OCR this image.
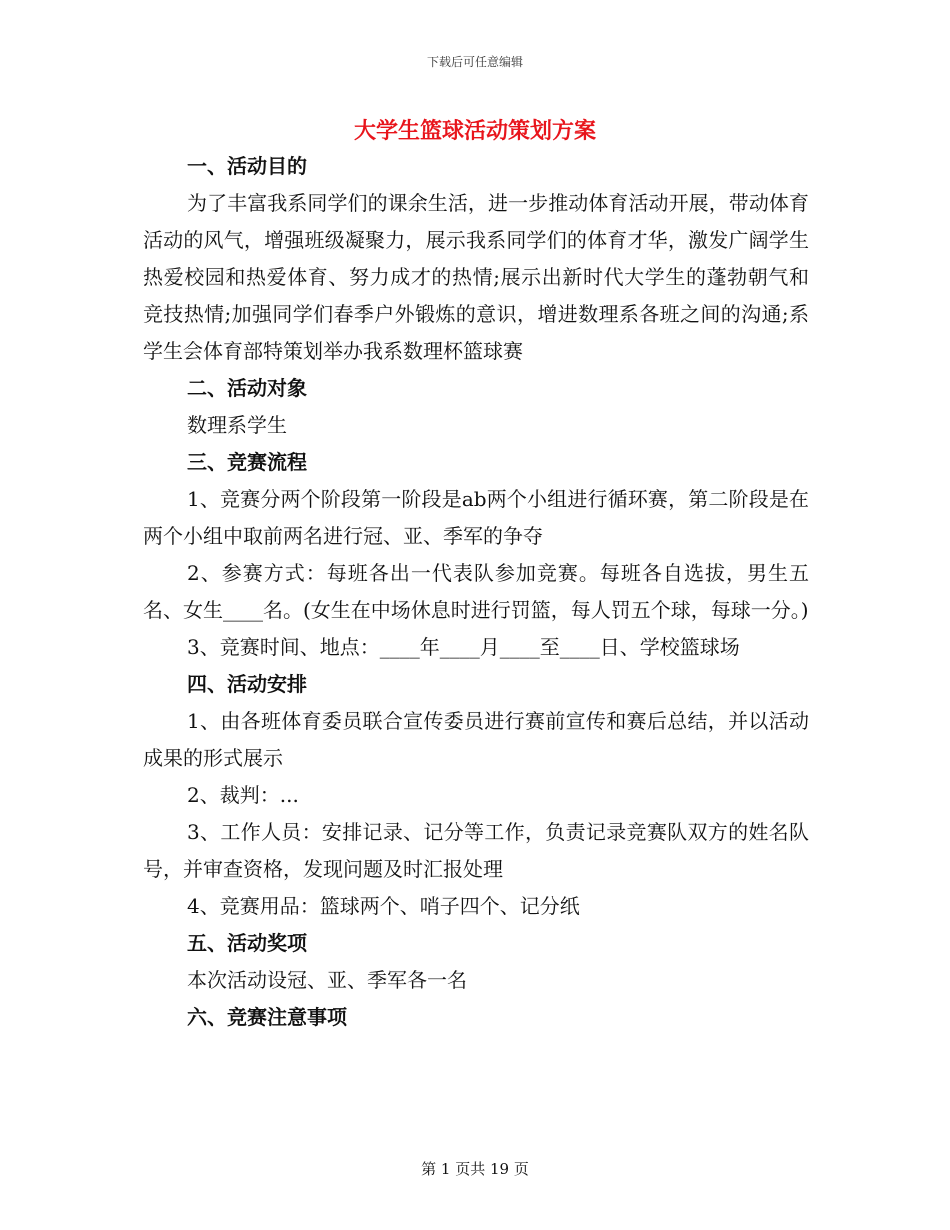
下载后可任意编辑
大学生篮球活动策划方案

一、活动目的

为了丰富我系同学们的课余生活，进一步推动体育活动开展，带动体育活动的风气，增强班级凝聚力，展示我系同学们的体育才华，激发广阔学生热爱校园和热爱体育、努力成才的热情;展示出新时代大学生的蓬勃朝气和竞技热情;加强同学们春季户外锻炼的意识，增进数理系各班之间的沟通;系学生会体育部特策划举办我系数理杯篮球赛

二、活动对象

数理系学生

三、竞赛流程

1、竞赛分两个阶段第一阶段是ab两个小组进行循环赛，第二阶段是在两个小组中取前两名进行冠、亚、季军的争夺

2、参赛方式：每班各出一代表队参加竞赛。每班各自选拔，男生五名、女生____名。(女生在中场休息时进行罚篮，每人罚五个球，每球一分。)

3、竞赛时间、地点：____年____月____至____日、学校篮球场

四、活动安排

1、由各班体育委员联合宣传委员进行赛前宣传和赛后总结，并以活动成果的形式展示

2、裁判：...

3、工作人员：安排记录、记分等工作，负责记录竞赛队双方的姓名队号，并审查资格，发现问题及时汇报处理

4、竞赛用品：篮球两个、哨子四个、记分纸

五、活动奖项

本次活动设冠、亚、季军各一名

六、竞赛注意事项

第 1 页共 19 页
